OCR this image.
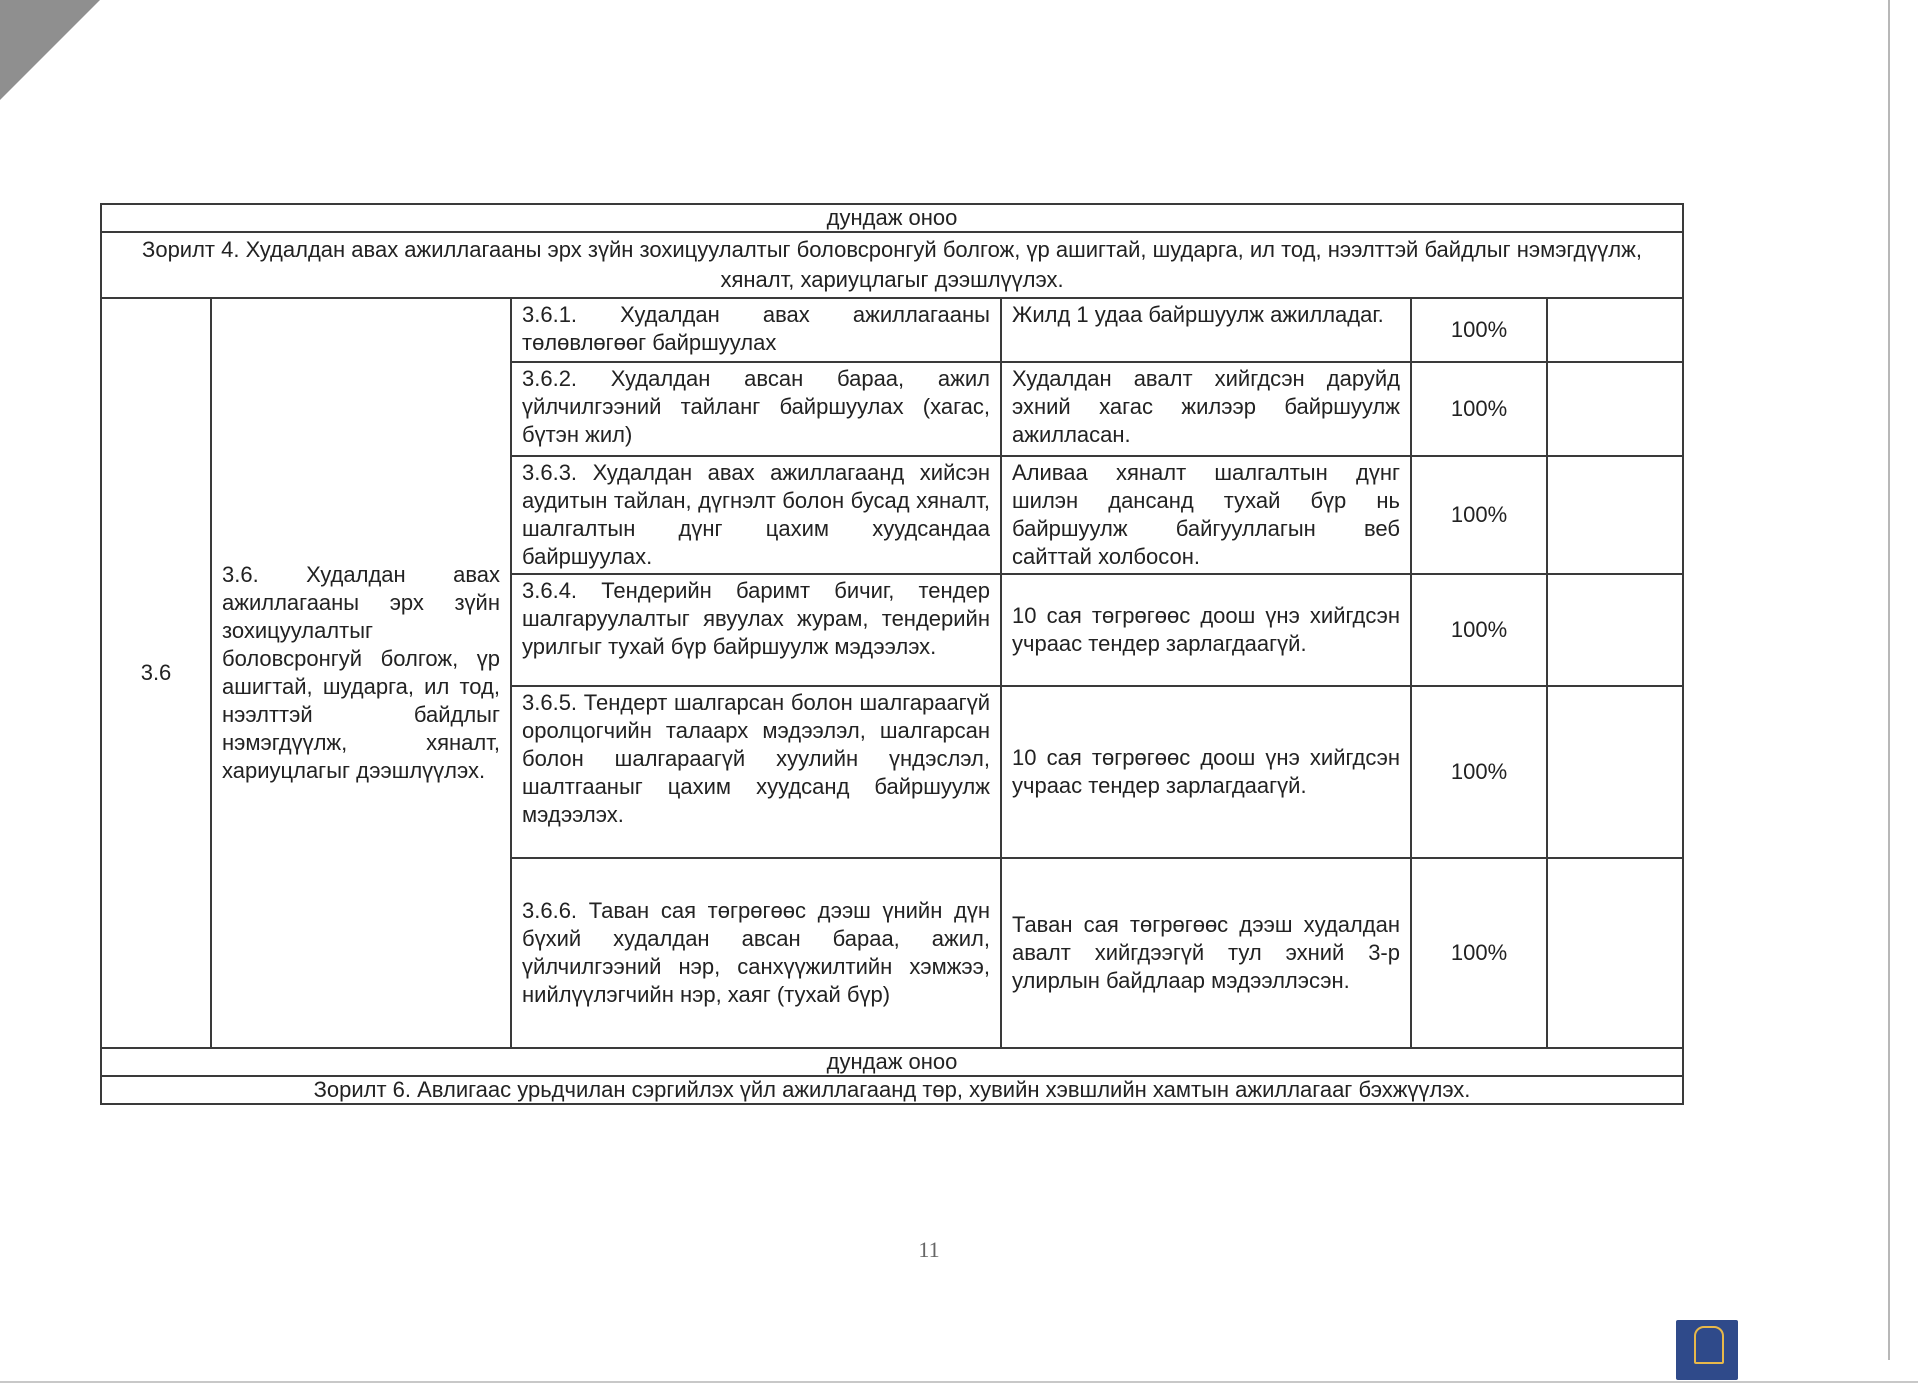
дундаж оноо					
Зорилт 4. Худалдан авах ажиллагааны эрх зүйн зохицуулалтыг боловсронгуй болгож, үр ашигтай, шударга, ил тод, нээлттэй байдлыг нэмэгдүүлж, хяналт, хариуцлагыг дээшлүүлэх.					
3.6	3.6. Худалдан авах ажиллагааны эрх зүйн зохицуулалтыг боловсронгуй болгож, үр ашигтай, шударга, ил тод, нээлттэй байдлыг нэмэгдүүлж, хяналт, хариуцлагыг дээшлүүлэх.	3.6.1. Худалдан авах ажиллагааны төлөвлөгөөг байршуулах	Жилд 1 удаа байршуулж ажилладаг.	100%	
		3.6.2. Худалдан авсан бараа, ажил үйлчилгээний тайланг байршуулах (хагас, бүтэн жил)	Худалдан авалт хийгдсэн даруйд эхний хагас жилээр байршуулж ажилласан.	100%	
		3.6.3. Худалдан авах ажиллагаанд хийсэн аудитын тайлан, дүгнэлт болон бусад хяналт, шалгалтын дүнг цахим хуудсандаа байршуулах.	Аливаа хяналт шалгалтын дүнг шилэн дансанд тухай бүр нь байршуулж байгууллагын веб сайттай холбосон.	100%	
		3.6.4. Тендерийн баримт бичиг, тендер шалгаруулалтыг явуулах журам, тендерийн урилгыг тухай бүр байршуулж мэдээлэх.	10 сая төгрөгөөс доош үнэ хийгдсэн учраас тендер зарлагдаагүй.	100%	
		3.6.5. Тендерт шалгарсан болон шалгараагүй оролцогчийн талаарх мэдээлэл, шалгарсан болон шалгараагүй хуулийн үндэслэл, шалтгааныг цахим хуудсанд байршуулж мэдээлэх.	10 сая төгрөгөөс доош үнэ хийгдсэн учраас тендер зарлагдаагүй.	100%	
		3.6.6. Таван сая төгрөгөөс дээш үнийн дүн бүхий худалдан авсан бараа, ажил, үйлчилгээний нэр, санхүүжилтийн хэмжээ, нийлүүлэгчийн нэр, хаяг (тухай бүр)	Таван сая төгрөгөөс дээш худалдан авалт хийгдээгүй тул эхний 3-р улирлын байдлаар мэдээллэсэн.	100%	
дундаж оноо					
Зорилт 6. Авлигаас урьдчилан сэргийлэх үйл ажиллагаанд төр, хувийн хэвшлийн хамтын ажиллагааг бэхжүүлэх.					
11
